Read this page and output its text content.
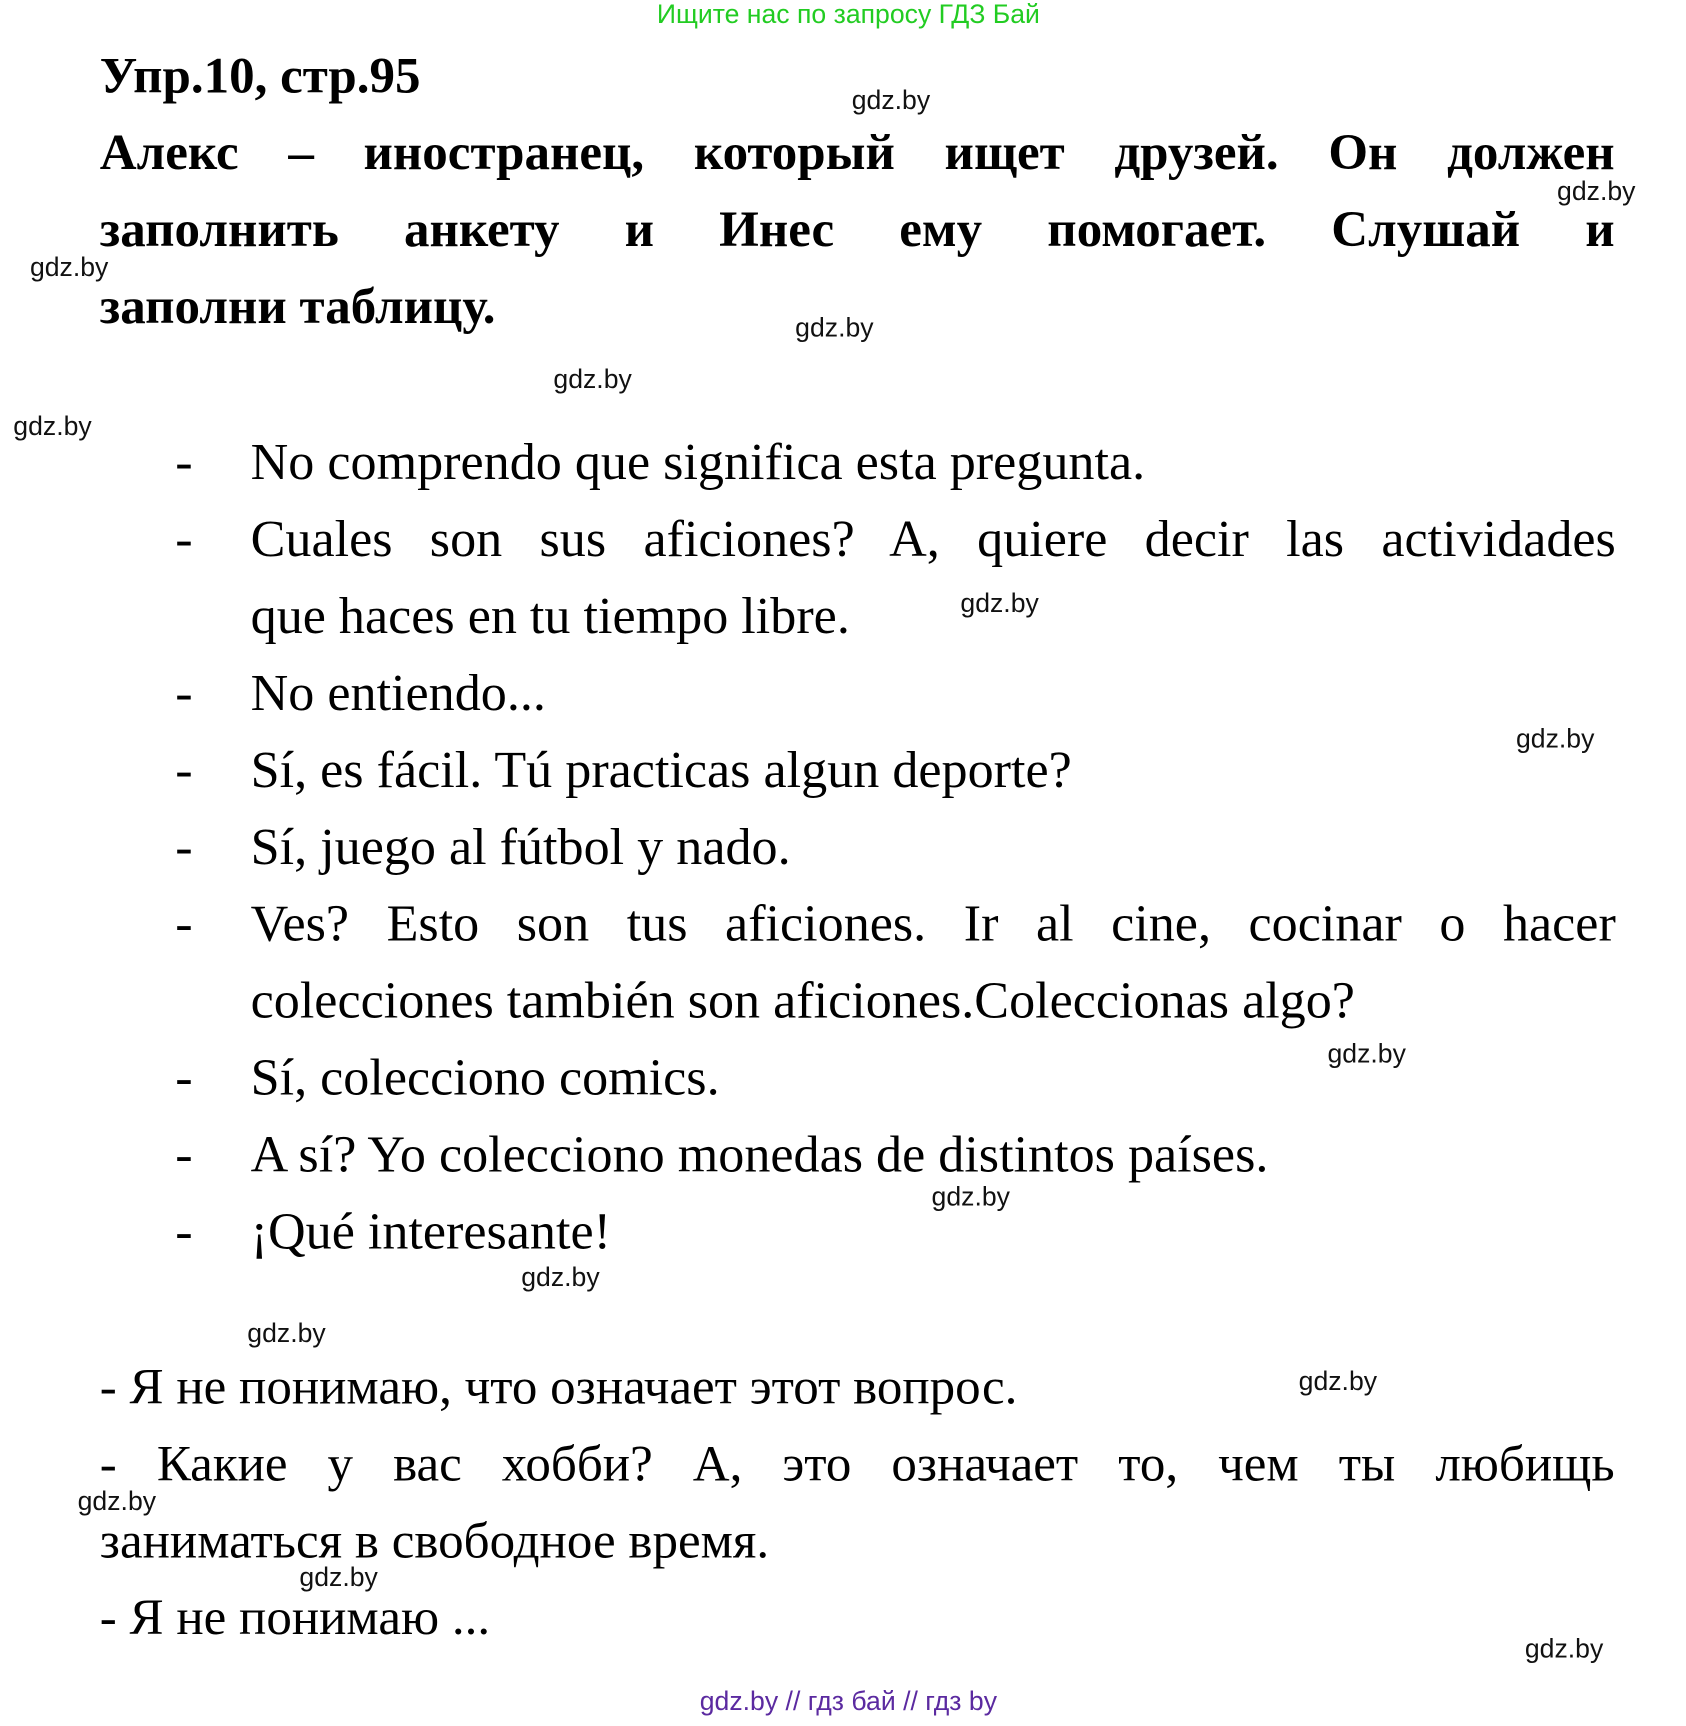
Ищите нас по запросу ГДЗ Бай
Упр.10, стр.95
Алекс – иностранец, который ищет друзей. Он должен
заполнить анкету и Инес ему помогает. Слушай и
заполни таблицу.
- No comprendo que significa esta pregunta.
- Cuales son sus aficiones? A, quiere decir las actividades
que haces en tu tiempo libre.
- No entiendo...
- Sí, es fácil. Tú practicas algun deporte?
- Sí, juego al fútbol y nado.
- Ves? Esto son tus aficiones. Ir al cine, cocinar o hacer
colecciones también son aficiones.Coleccionas algo?
- Sí, colecciono comics.
- A sí? Yo colecciono monedas de distintos países.
- ¡Qué interesante!
- Я не понимаю, что означает этот вопрос.
- Какие у вас хобби? А, это означает то, чем ты любищь
заниматься в свободное время.
- Я не понимаю ...
gdz.by
gdz.by
gdz.by
gdz.by
gdz.by
gdz.by
gdz.by
gdz.by
gdz.by
gdz.by
gdz.by
gdz.by
gdz.by
gdz.by
gdz.by
gdz.by
gdz.by // гдз бай // гдз by
